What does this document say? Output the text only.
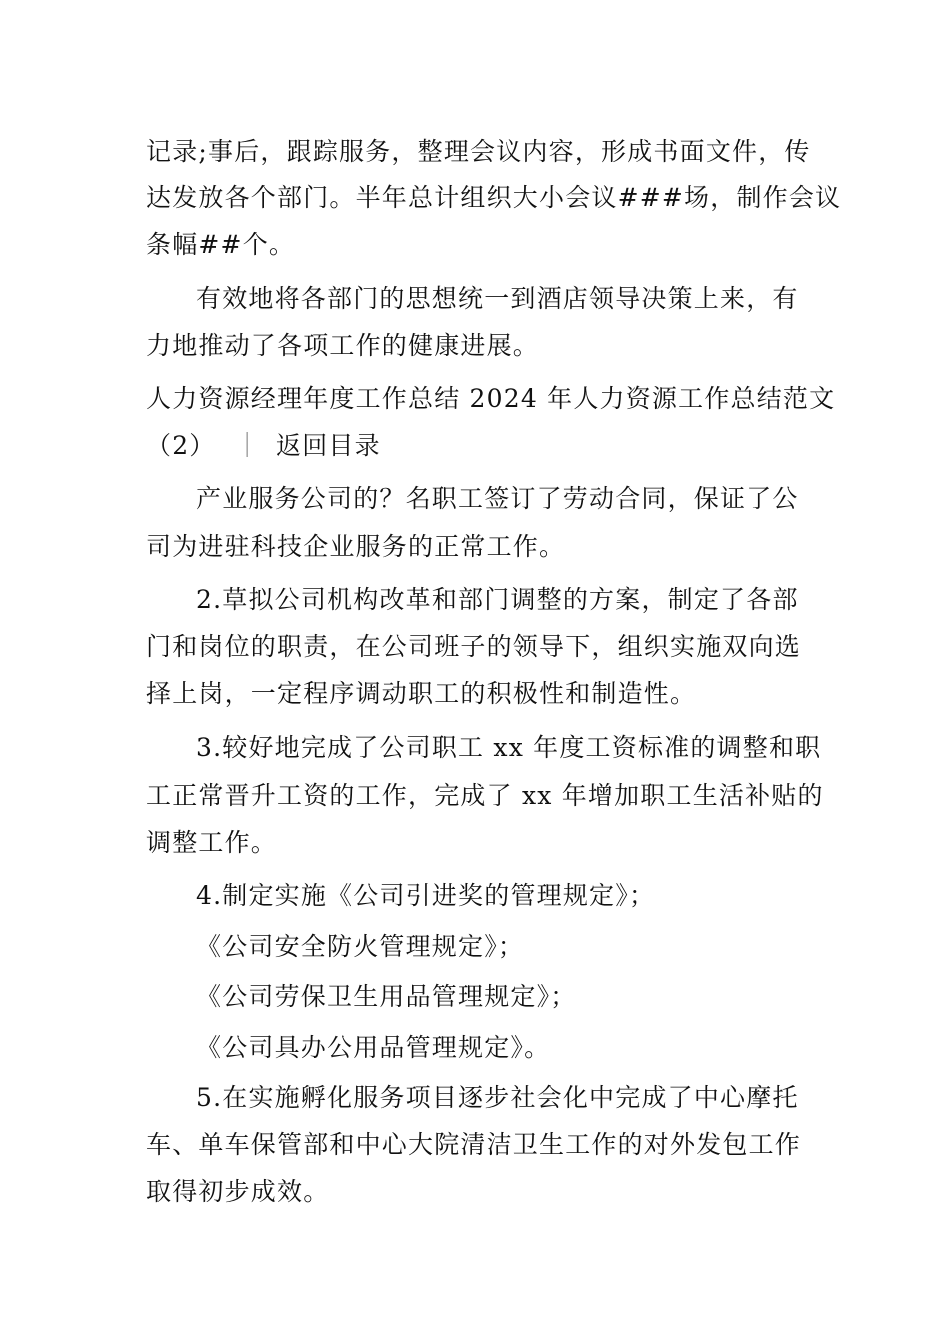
记录;事后，跟踪服务，整理会议内容，形成书面文件，传
达发放各个部门。半年总计组织大小会议###场，制作会议
条幅##个。
有效地将各部门的思想统一到酒店领导决策上来，有
力地推动了各项工作的健康进展。
人力资源经理年度工作总结 2024 年人力资源工作总结范文
（2） ｜ 返回目录
产业服务公司的？名职工签订了劳动合同，保证了公
司为进驻科技企业服务的正常工作。
2.草拟公司机构改革和部门调整的方案，制定了各部
门和岗位的职责，在公司班子的领导下，组织实施双向选
择上岗，一定程序调动职工的积极性和制造性。
3.较好地完成了公司职工 xx 年度工资标准的调整和职
工正常晋升工资的工作，完成了 xx 年增加职工生活补贴的
调整工作。
4.制定实施《公司引进奖的管理规定》；
《公司安全防火管理规定》；
《公司劳保卫生用品管理规定》；
《公司具办公用品管理规定》。
5.在实施孵化服务项目逐步社会化中完成了中心摩托
车、单车保管部和中心大院清洁卫生工作的对外发包工作
取得初步成效。
